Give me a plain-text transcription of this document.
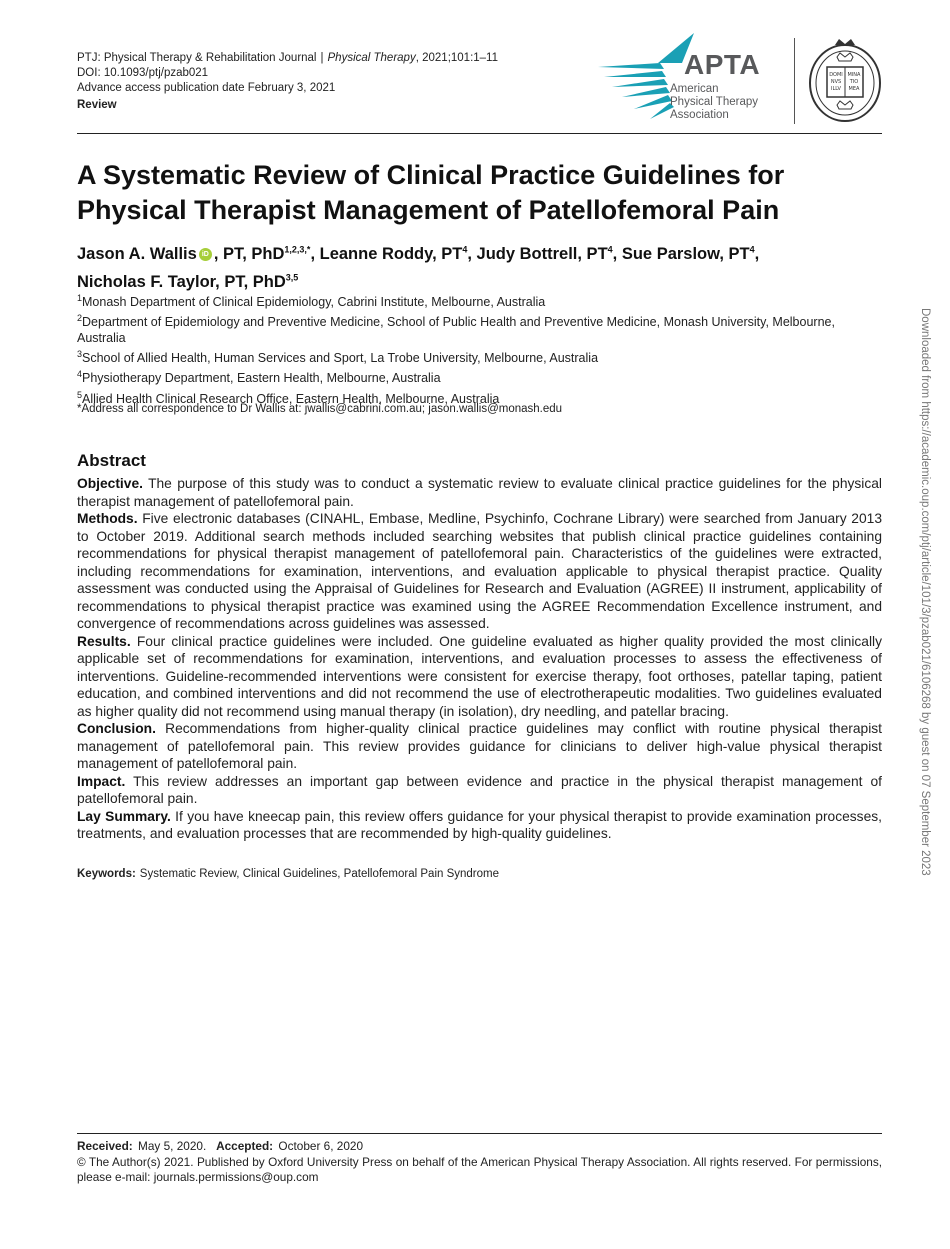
PTJ: Physical Therapy & Rehabilitation Journal | Physical Therapy, 2021;101:1–11
DOI: 10.1093/ptj/pzab021
Advance access publication date February 3, 2021
Review
APTA
American
Physical Therapy
Association
DOMI
NVS
ILLV
MINA
TIO
MEA
A Systematic Review of Clinical Practice Guidelines for Physical Therapist Management of Patellofemoral Pain
Jason A. Wallis iD , PT, PhD$^{1,2,3,*}$, Leanne Roddy, $PT^4$, Judy Bottrell, $PT^4$, Sue Parslow, $PT^4$,
Nicholas F. Taylor, PT, PhD$^{3,5}$
$^1$Monash Department of Clinical Epidemiology, Cabrini Institute, Melbourne, Australia
$^2$Department of Epidemiology and Preventive Medicine, School of Public Health and Preventive Medicine, Monash University, Melbourne, Australia
$^3$School of Allied Health, Human Services and Sport, La Trobe University, Melbourne, Australia
$^4$Physiotherapy Department, Eastern Health, Melbourne, Australia
$^5$Allied Health Clinical Research Office, Eastern Health, Melbourne, Australia
*Address all correspondence to Dr Wallis at: jwallis@cabrini.com.au; jason.wallis@monash.edu
Abstract

Objective. The purpose of this study was to conduct a systematic review to evaluate clinical practice guidelines for the physical therapist management of patellofemoral pain.

Methods. Five electronic databases (CINAHL, Embase, Medline, Psychinfo, Cochrane Library) were searched from January 2013 to October 2019. Additional search methods included searching websites that publish clinical practice guidelines containing recommendations for physical therapist management of patellofemoral pain. Characteristics of the guidelines were extracted, including recommendations for examination, interventions, and evaluation applicable to physical therapist practice. Quality assessment was conducted using the Appraisal of Guidelines for Research and Evaluation (AGREE) II instrument, applicability of recommendations to physical therapist practice was examined using the AGREE Recommendation Excellence instrument, and convergence of recommendations across guidelines was assessed.

Results. Four clinical practice guidelines were included. One guideline evaluated as higher quality provided the most clinically applicable set of recommendations for examination, interventions, and evaluation processes to assess the effectiveness of interventions. Guideline-recommended interventions were consistent for exercise therapy, foot orthoses, patellar taping, patient education, and combined interventions and did not recommend the use of electrotherapeutic modalities. Two guidelines evaluated as higher quality did not recommend using manual therapy (in isolation), dry needling, and patellar bracing.

Conclusion. Recommendations from higher-quality clinical practice guidelines may conflict with routine physical therapist management of patellofemoral pain. This review provides guidance for clinicians to deliver high-value physical therapist management of patellofemoral pain.

Impact. This review addresses an important gap between evidence and practice in the physical therapist management of patellofemoral pain.

Lay Summary. If you have kneecap pain, this review offers guidance for your physical therapist to provide examination processes, treatments, and evaluation processes that are recommended by high-quality guidelines.

Keywords: Systematic Review, Clinical Guidelines, Patellofemoral Pain Syndrome
Received: May 5, 2020. Accepted: October 6, 2020
© The Author(s) 2021. Published by Oxford University Press on behalf of the American Physical Therapy Association. All rights reserved. For permissions, please e-mail: journals.permissions@oup.com
Downloaded from https://academic.oup.com/ptj/article/101/3/pzab021/6106268 by guest on 07 September 2023
